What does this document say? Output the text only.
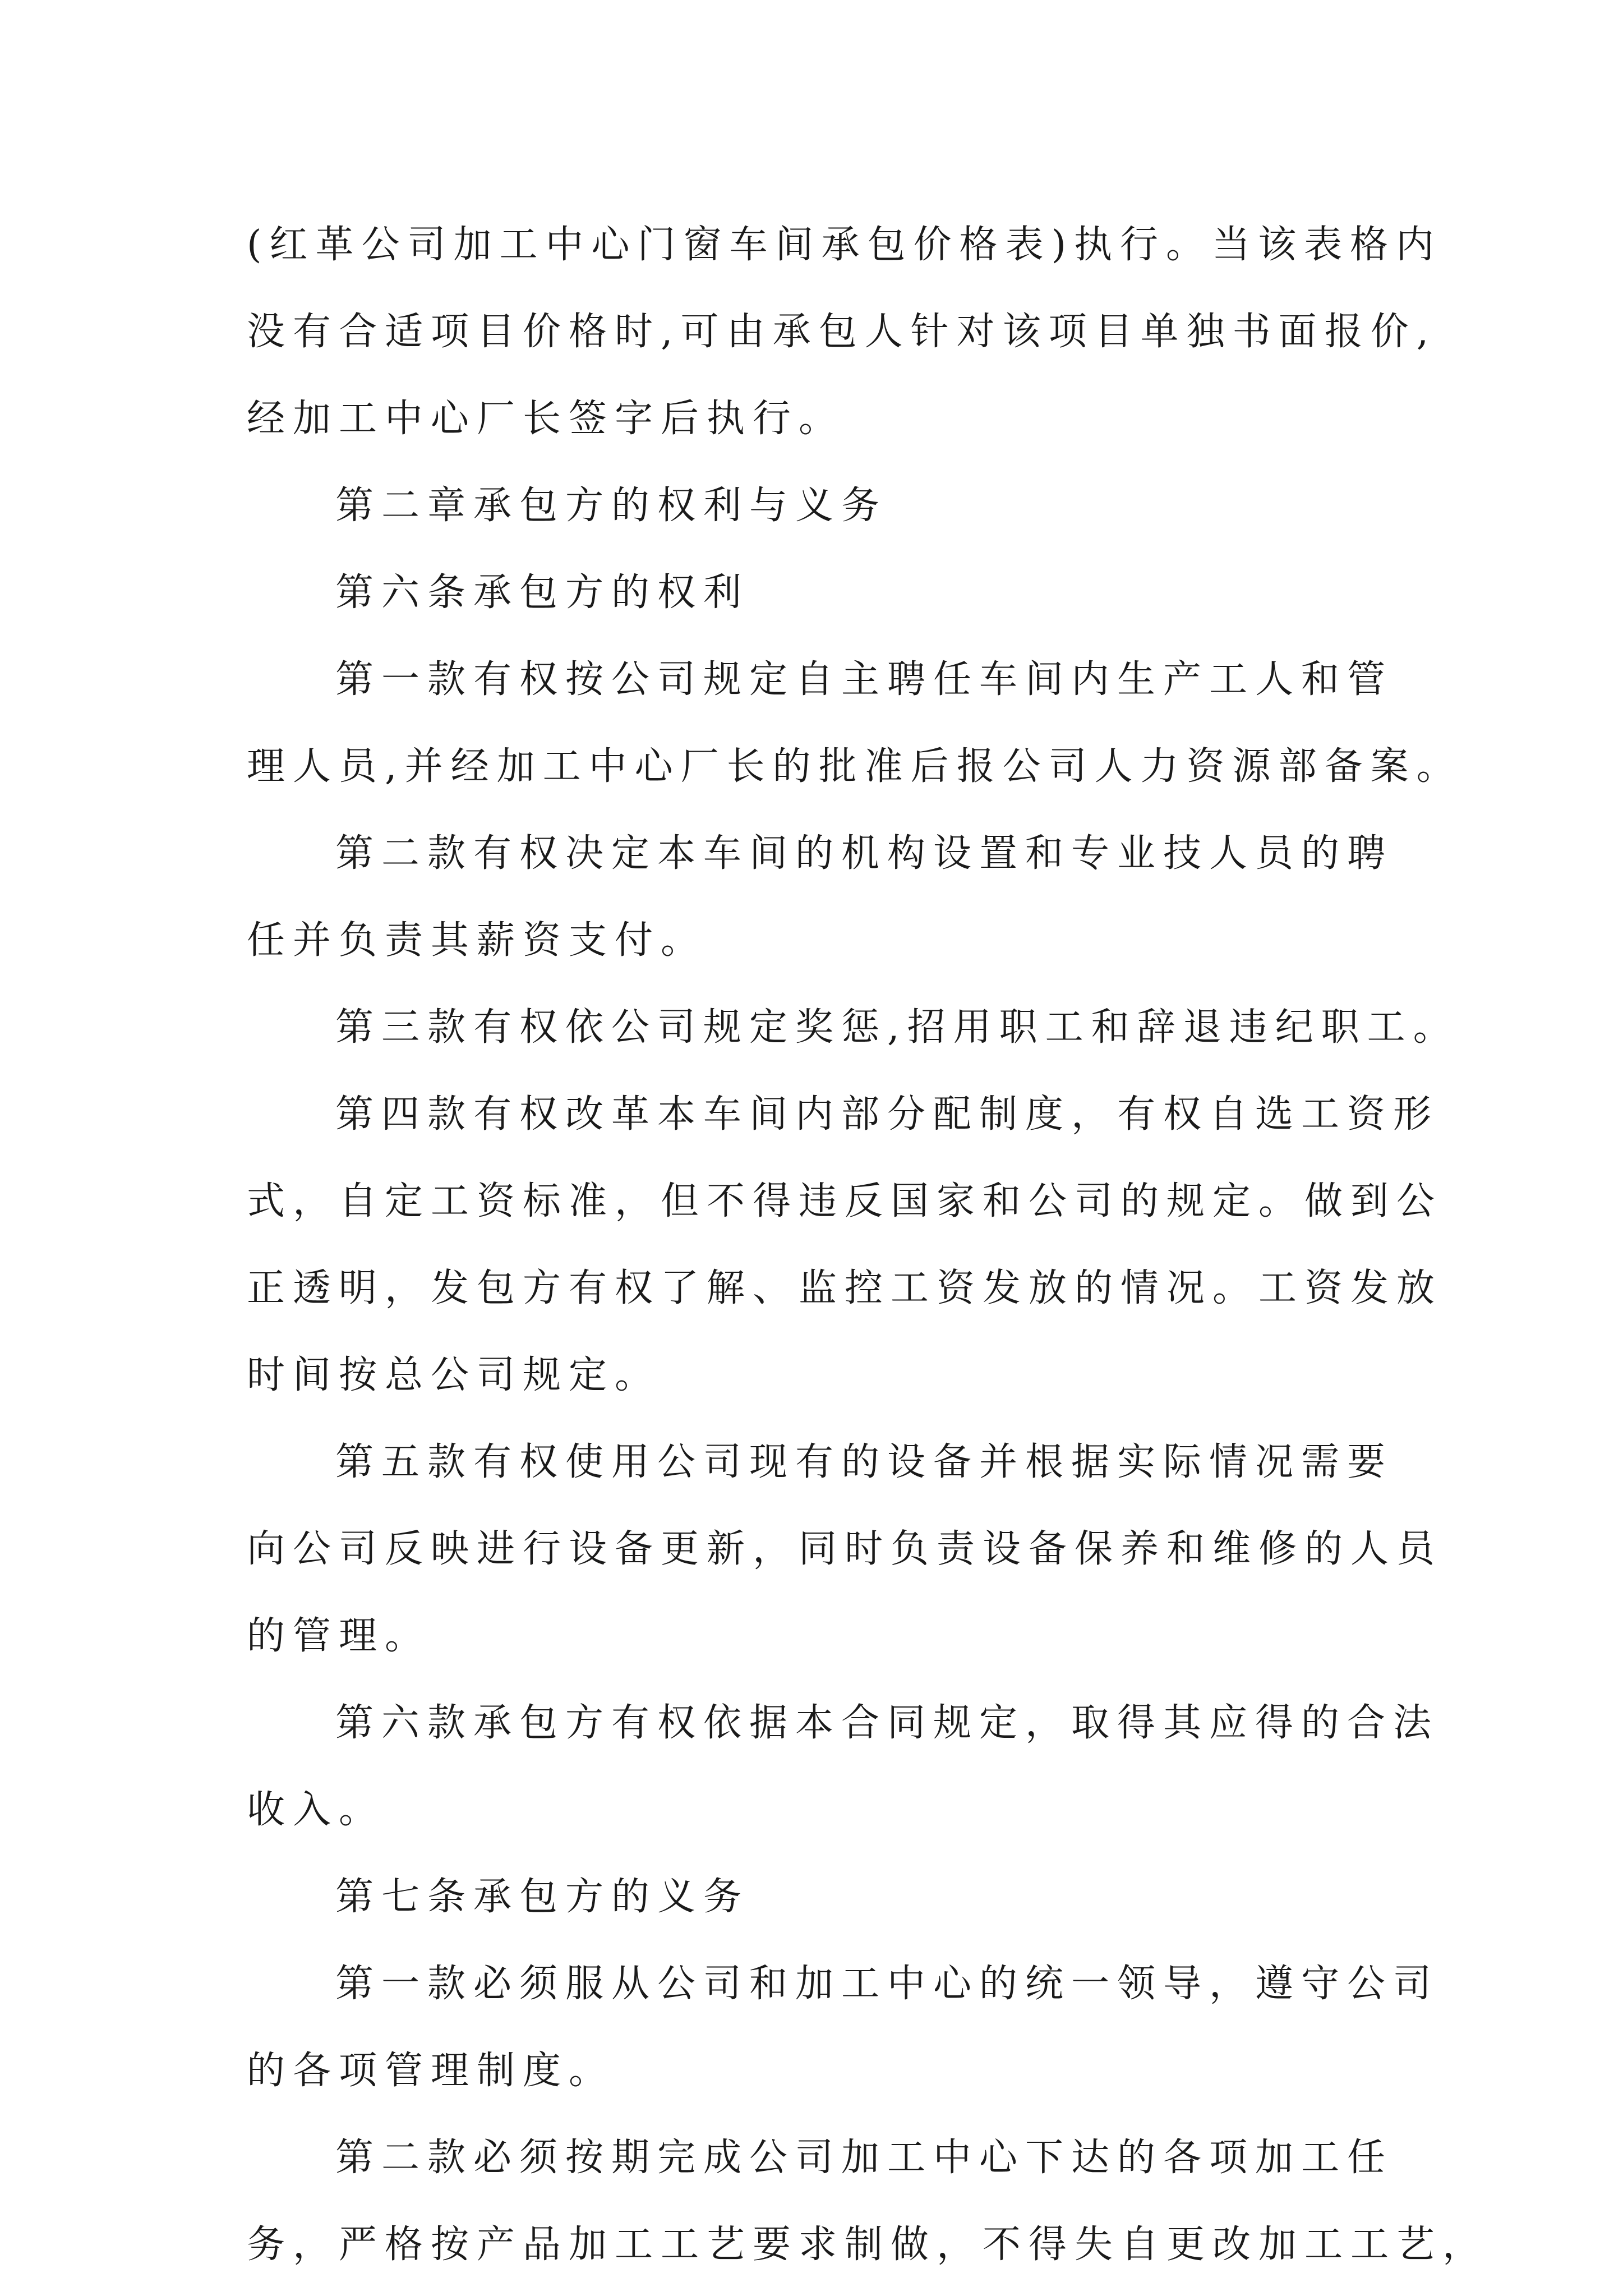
(红革公司加工中心门窗车间承包价格表)执行。当该表格内
没有合适项目价格时,可由承包人针对该项目单独书面报价,
经加工中心厂长签字后执行。
第二章承包方的权利与义务
第六条承包方的权利
第一款有权按公司规定自主聘任车间内生产工人和管
理人员,并经加工中心厂长的批准后报公司人力资源部备案。
第二款有权决定本车间的机构设置和专业技人员的聘
任并负责其薪资支付。
第三款有权依公司规定奖惩,招用职工和辞退违纪职工。
第四款有权改革本车间内部分配制度，有权自选工资形
式，自定工资标准，但不得违反国家和公司的规定。做到公
正透明，发包方有权了解、监控工资发放的情况。工资发放
时间按总公司规定。
第五款有权使用公司现有的设备并根据实际情况需要
向公司反映进行设备更新，同时负责设备保养和维修的人员
的管理。
第六款承包方有权依据本合同规定，取得其应得的合法
收入。
第七条承包方的义务
第一款必须服从公司和加工中心的统一领导，遵守公司
的各项管理制度。
第二款必须按期完成公司加工中心下达的各项加工任
务，严格按产品加工工艺要求制做，不得失自更改加工工艺，
